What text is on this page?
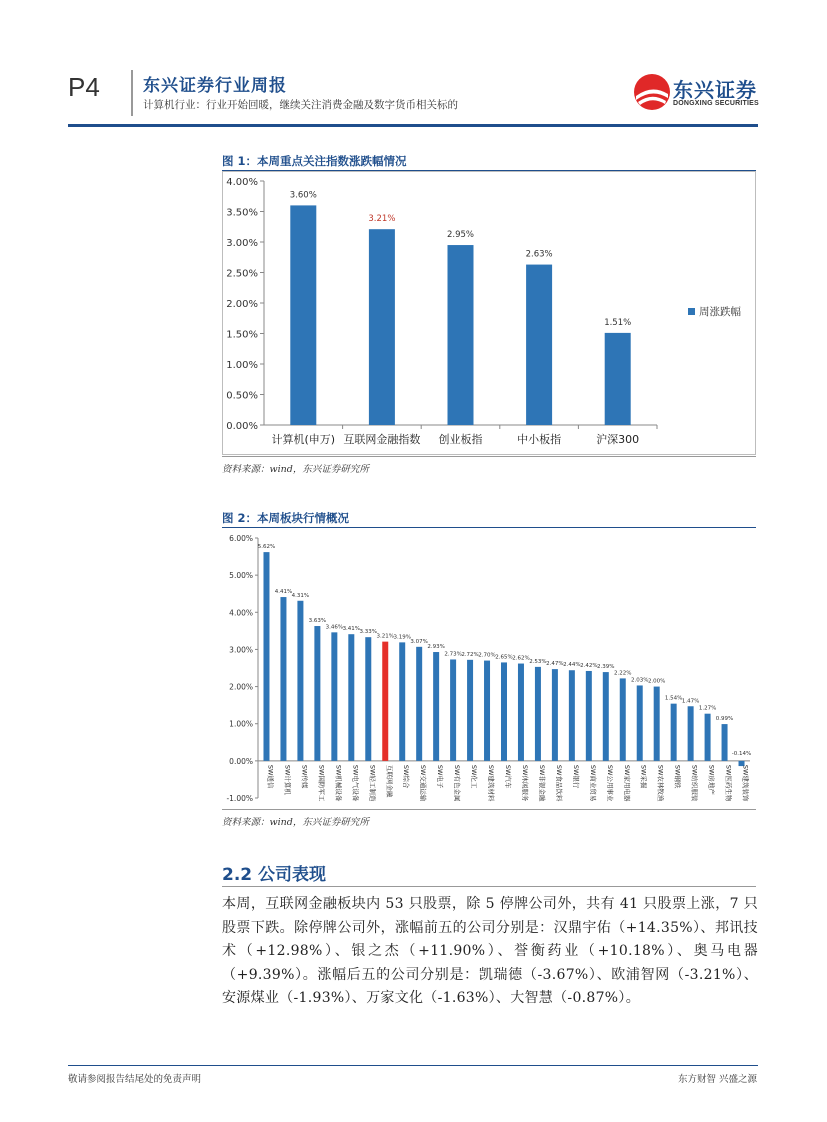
P4	东兴证券行业周报
计算机行业：行业开始回暖，继续关注消费金融及数字货币相关标的
东兴证券
DONGXING SECURITIES
图 1：本周重点关注指数涨跌幅情况
3.60%
3.21%
2.95%
2.63%
1.51%
4.00%
3.50%
3.00%
2.50%
2.00%
1.50%
1.00%
0.50%
0.00%
计算机(申万) 互联网金融指数 创业板指	中小板指	沪深300
周涨跌幅
资料来源：wind，东兴证券研究所
图 2：本周板块行情概况
5.62%
4.41%
4.31%
3.63%
3.46% 3.41% 3.33%
3.21% 3.19%
3.07%
2.93%
2.73% 2.72% 2.70% 2.65% 2.62%
2.53% 2.47% 2.44% 2.42% 2.39%
2.22%
2.03% 2.00%
1.54% 1.47%
1.27%
0.99%
-0.14%
6.00%
5.00%
4.00%
3.00%
2.00%
1.00%
0.00%
-1.00%
SW通信 SW计算机 SW传媒 SW国防军工 SW机械设备 SW电气设备 SW轻工制造 互联网金融 SW综合 SW交通运输 SW电子 SW有色金属 SW化工 SW建筑材料 SW汽车 SW休闲服务 SW非银金融 SW食品饮料 SW银行 SW商业贸易 SW公用事业 SW家用电器 SW采掘 SW农林牧渔 SW钢铁 SW纺织服装 SW房地产 SW医药生物 SW建筑装饰
资料来源：wind，东兴证券研究所
2.2 公司表现
本周，互联网金融板块内 53 只股票，除 5 停牌公司外，共有 41 只股票上涨，7 只股票下跌。除停牌公司外，涨幅前五的公司分别是：汉鼎宇佑（+14.35%）、邦讯技术（+12.98%）、银之杰（+11.90%）、誉衡药业（+10.18%）、奥马电器（+9.39%）。涨幅后五的公司分别是：凯瑞德（-3.67%）、欧浦智网（-3.21%）、安源煤业（-1.93%）、万家文化（-1.63%）、大智慧（-0.87%）。
敬请参阅报告结尾处的免责声明	东方财智 兴盛之源
